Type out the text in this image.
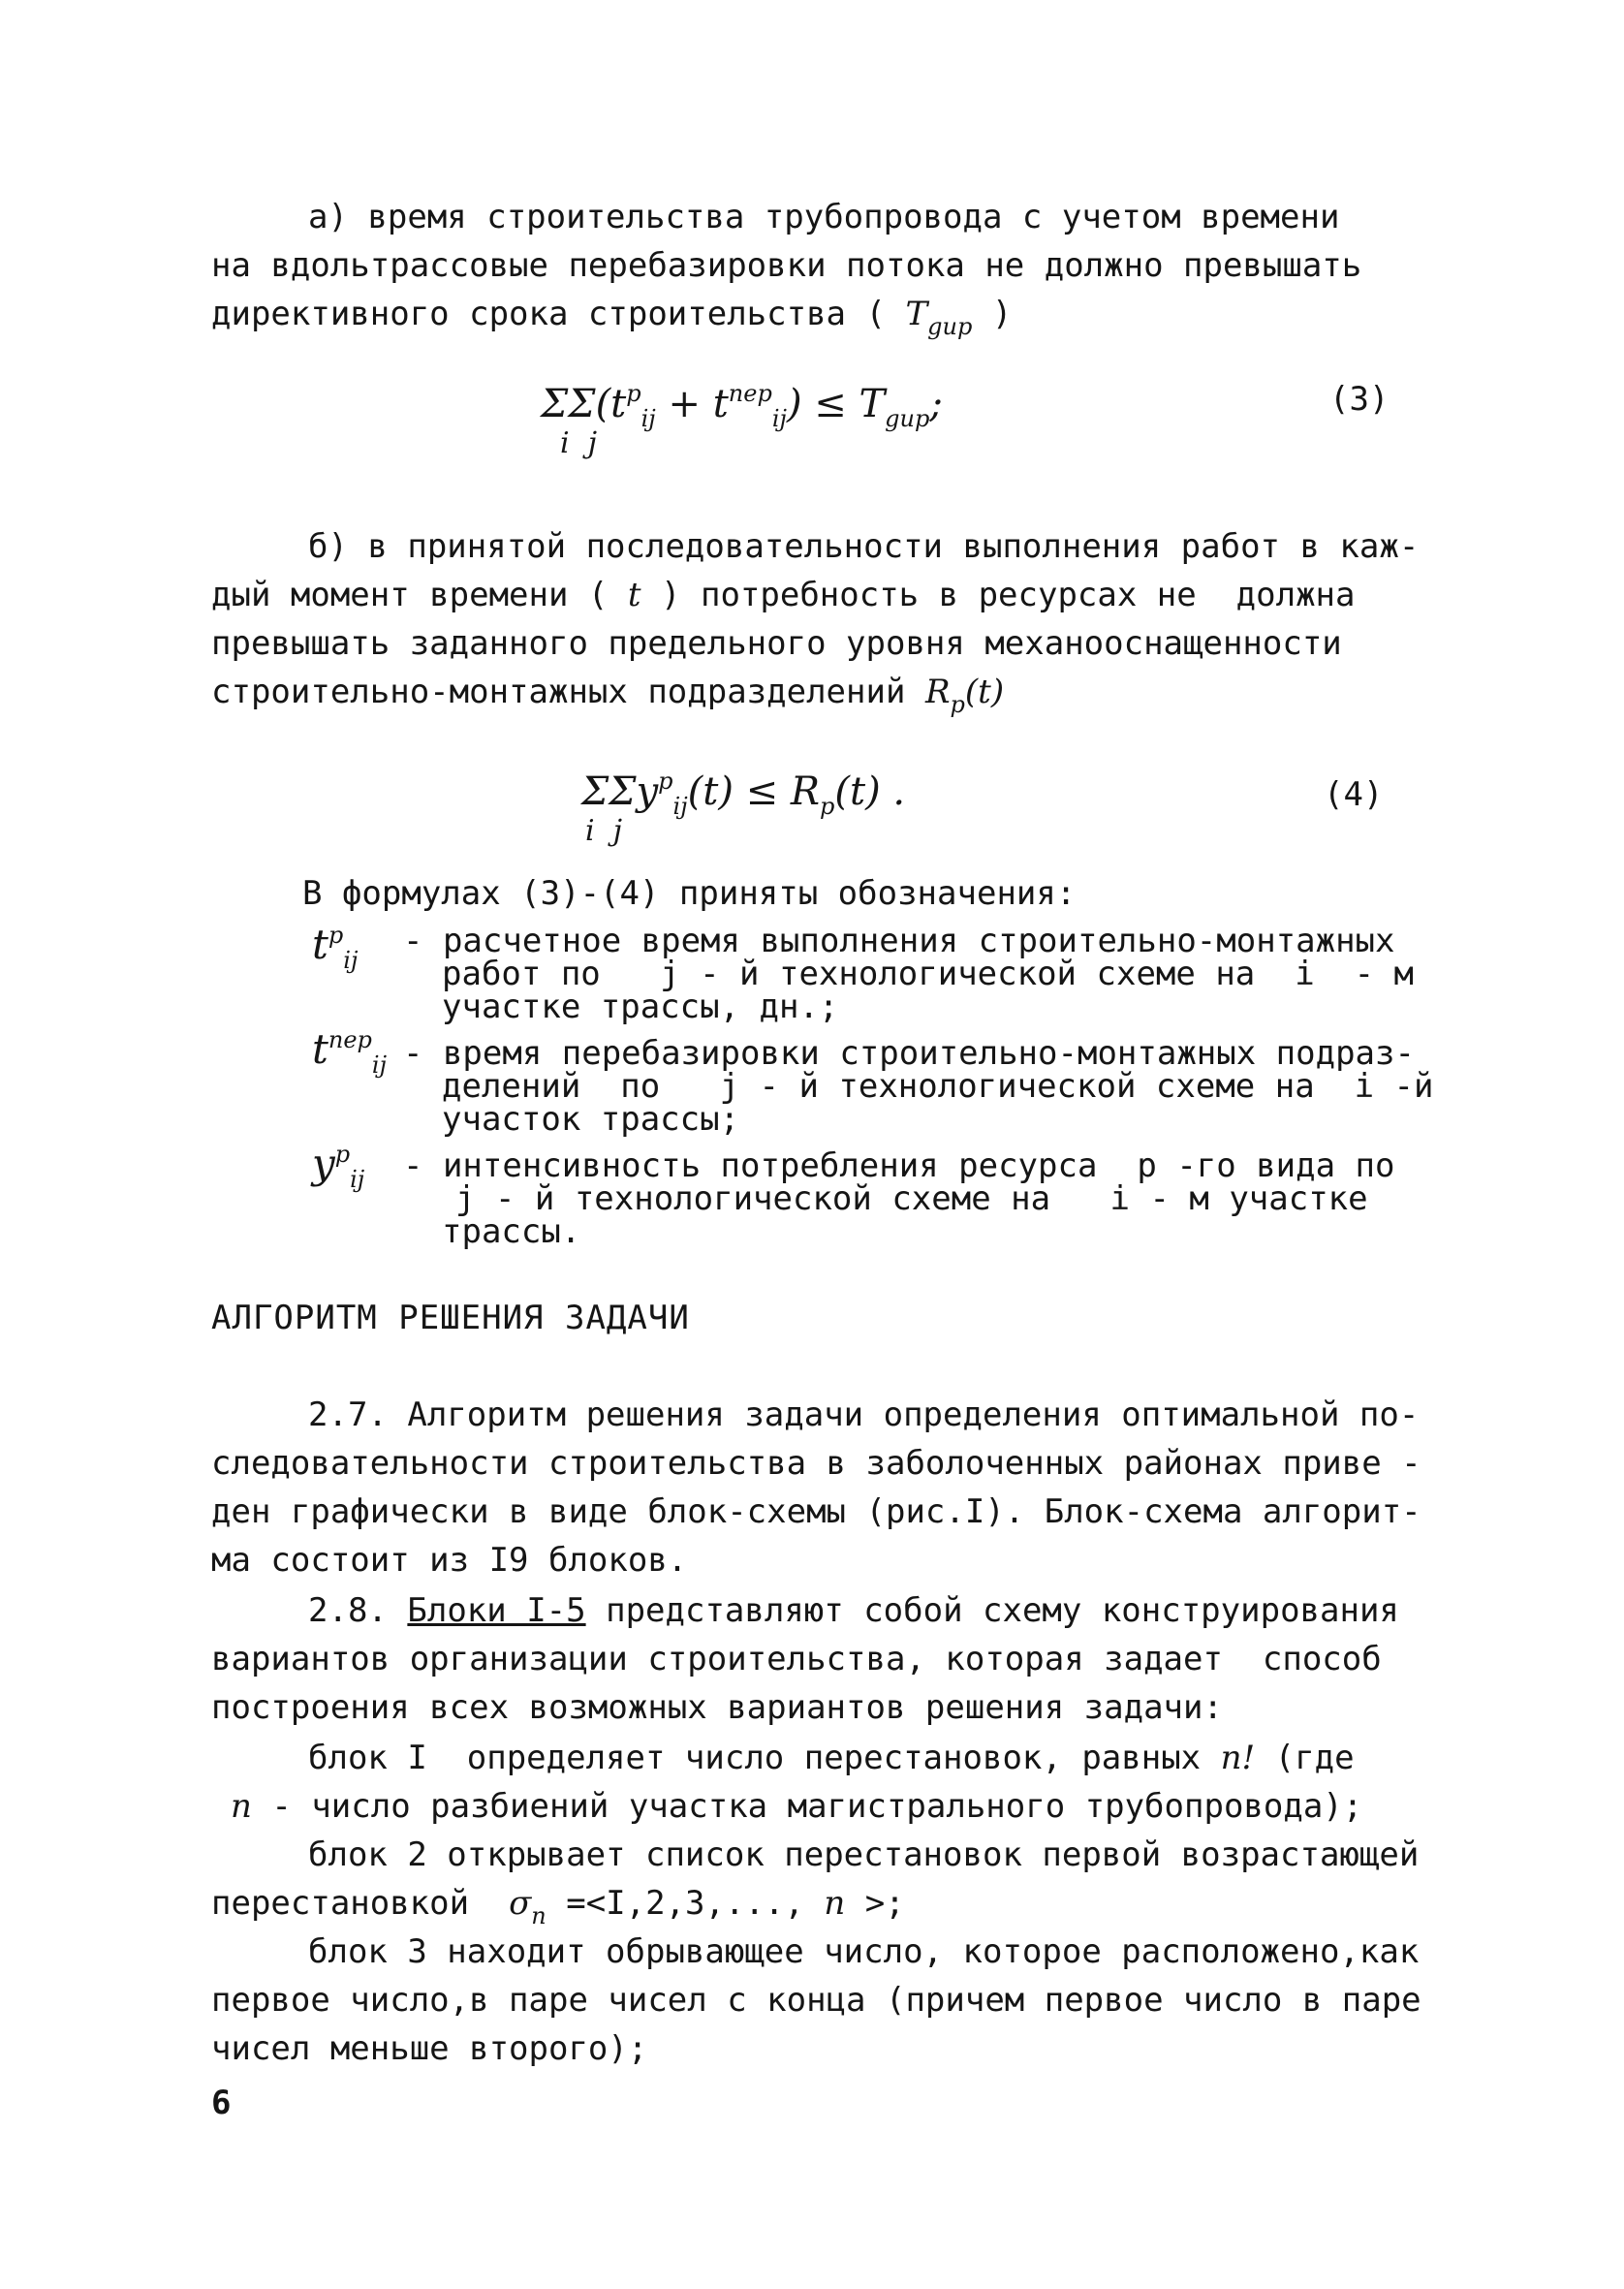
а) время строительства трубопровода с учетом времени
на вдольтрассовые перебазировки потока не должно превышать
директивного срока строительства ( $T_{gup}$ )
$\Sigma\Sigma(t^p_{ij} + t^{пер}_{ij}) \le T_{gup}$;
i j
(3)
б) в принятой последовательности выполнения работ в каж-
дый момент времени ( t ) потребность в ресурсах не  должна
превышать заданного предельного уровня механооснащенности
строительно-монтажных подразделений $R_p(t)$
$\Sigma\Sigma y^p_{ij}(t) \le R_p(t)$ .
i j
(4)
В формулах (3)-(4) приняты обозначения:
$t^p_{ij}$ - расчетное время выполнения строительно-монтажных
работ по   j - й технологической схеме на  i  - м
участке трассы, дн.;
$t^{пер}_{ij}$ - время перебазировки строительно-монтажных подраз-
делений  по   j - й технологической схеме на  i -й
участок трассы;
$y^p_{ij}$ - интенсивность потребления ресурса  p -го вида по
j - й технологической схеме на   i - м участке
трассы.
АЛГОРИТМ РЕШЕНИЯ ЗАДАЧИ
2.7. Алгоритм решения задачи определения оптимальной по-
следовательности строительства в заболоченных районах приве -
ден графически в виде блок-схемы (рис.I). Блок-схема алгорит-
ма состоит из I9 блоков.
2.8. Блоки I-5 представляют собой схему конструирования
вариантов организации строительства, которая задает  способ
построения всех возможных вариантов решения задачи:
блок I  определяет число перестановок, равных n! (где
n - число разбиений участка магистрального трубопровода);
блок 2 открывает список перестановок первой возрастающей
перестановкой $\sigma_n =<I,2,3$,..., n >;
блок 3 находит обрывающее число, которое расположено,как
первое число,в паре чисел с конца (причем первое число в паре
чисел меньше второго);
6
